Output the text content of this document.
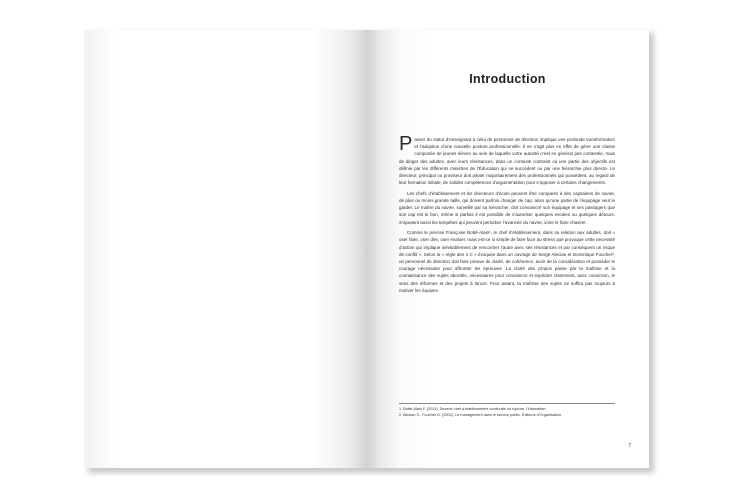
Introduction

Passer du statut d’enseignant à celui de personnel de direction implique une profonde transformation et l’adoption d’une nouvelle posture professionnelle. Il ne s’agit plus en effet de gérer une classe composée de jeunes élèves au sein de laquelle votre autorité n’est en général pas contestée, mais de diriger des adultes, avec leurs résistances, dans un contexte contraint où une partie des objectifs est définie par les différents ministres de l’Éducation qui se succèdent ou par une hiérarchie plus directe. Le directeur, principal ou proviseur doit piloter majoritairement des professionnels qui possèdent, au regard de leur formation initiale, de solides compétences d’argumentation pour s’opposer à certains changements.

Les chefs d’établissement et les directeurs d’école peuvent être comparés à des capitaines de navire, de plus ou moins grande taille, qui doivent parfois changer de cap, alors qu’une partie de l’équipage veut le garder. Le maître du navire, surveillé par sa hiérarchie, doit convaincre son équipage et ses passagers que son cap est le bon, même si parfois il est possible de s’autoriser quelques escales ou quelques détours. S’ajoutent aussi les tempêtes qui peuvent perturber l’avancée du navire, voire le faire chavirer.

Comme le précise Françoise Botté-Alain¹, le chef d’établissement, dans sa relation aux adultes, doit « oser faire, oser dire, oser évaluer, mais est-ce si simple de faire face au stress que provoque cette nécessité d’action qui implique inévitablement de rencontrer l’autre avec ses résistances et par conséquent un risque de conflit ». Selon la « règle des 4 C » évoquée dans un ouvrage de Serge Alecian et Dominique Foucher², un personnel de direction doit faire preuve de clarté, de cohérence, avoir de la considération et posséder le courage nécessaire pour affronter les épreuves. La clarté des propos passe par la maîtrise et la connaissance des sujets abordés, nécessaires pour convaincre et expliciter clairement, avec conviction, le sens des réformes et des projets à lancer. Pour autant, la maîtrise des sujets ne suffira pas toujours à motiver les équipes.

1. Botte-Alain F. (2011), Devenir chef d’établissement continuité ou rupture, l’Harmattan.
2. Alecian S., Foucher D. (2002), Le management dans le service public, Éditions d’Organisation.
7
